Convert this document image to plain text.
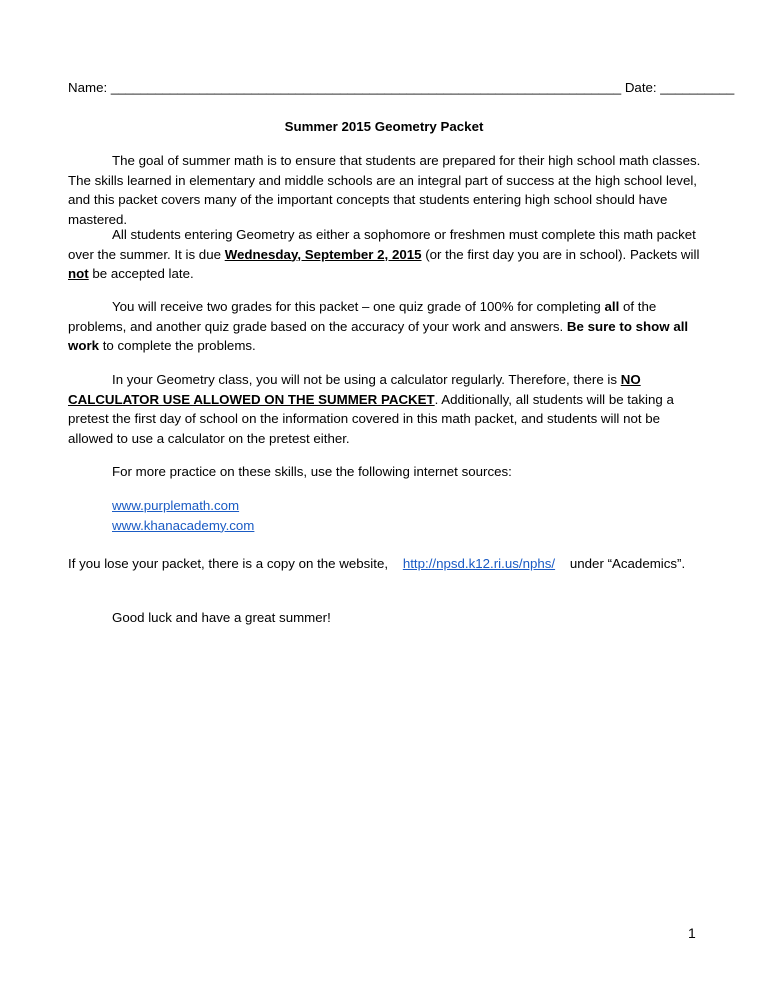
Name: _____________________________________________________________________ Date: __________
Summer 2015 Geometry Packet
The goal of summer math is to ensure that students are prepared for their high school math classes. The skills learned in elementary and middle schools are an integral part of success at the high school level, and this packet covers many of the important concepts that students entering high school should have mastered.
All students entering Geometry as either a sophomore or freshmen must complete this math packet over the summer. It is due Wednesday, September 2, 2015 (or the first day you are in school). Packets will not be accepted late.
You will receive two grades for this packet – one quiz grade of 100% for completing all of the problems, and another quiz grade based on the accuracy of your work and answers. Be sure to show all work to complete the problems.
In your Geometry class, you will not be using a calculator regularly. Therefore, there is NO CALCULATOR USE ALLOWED ON THE SUMMER PACKET. Additionally, all students will be taking a pretest the first day of school on the information covered in this math packet, and students will not be allowed to use a calculator on the pretest either.
For more practice on these skills, use the following internet sources:
www.purplemath.com
www.khanacademy.com
If you lose your packet, there is a copy on the website, http://npsd.k12.ri.us/nphs/ under “Academics”.
Good luck and have a great summer!
1
